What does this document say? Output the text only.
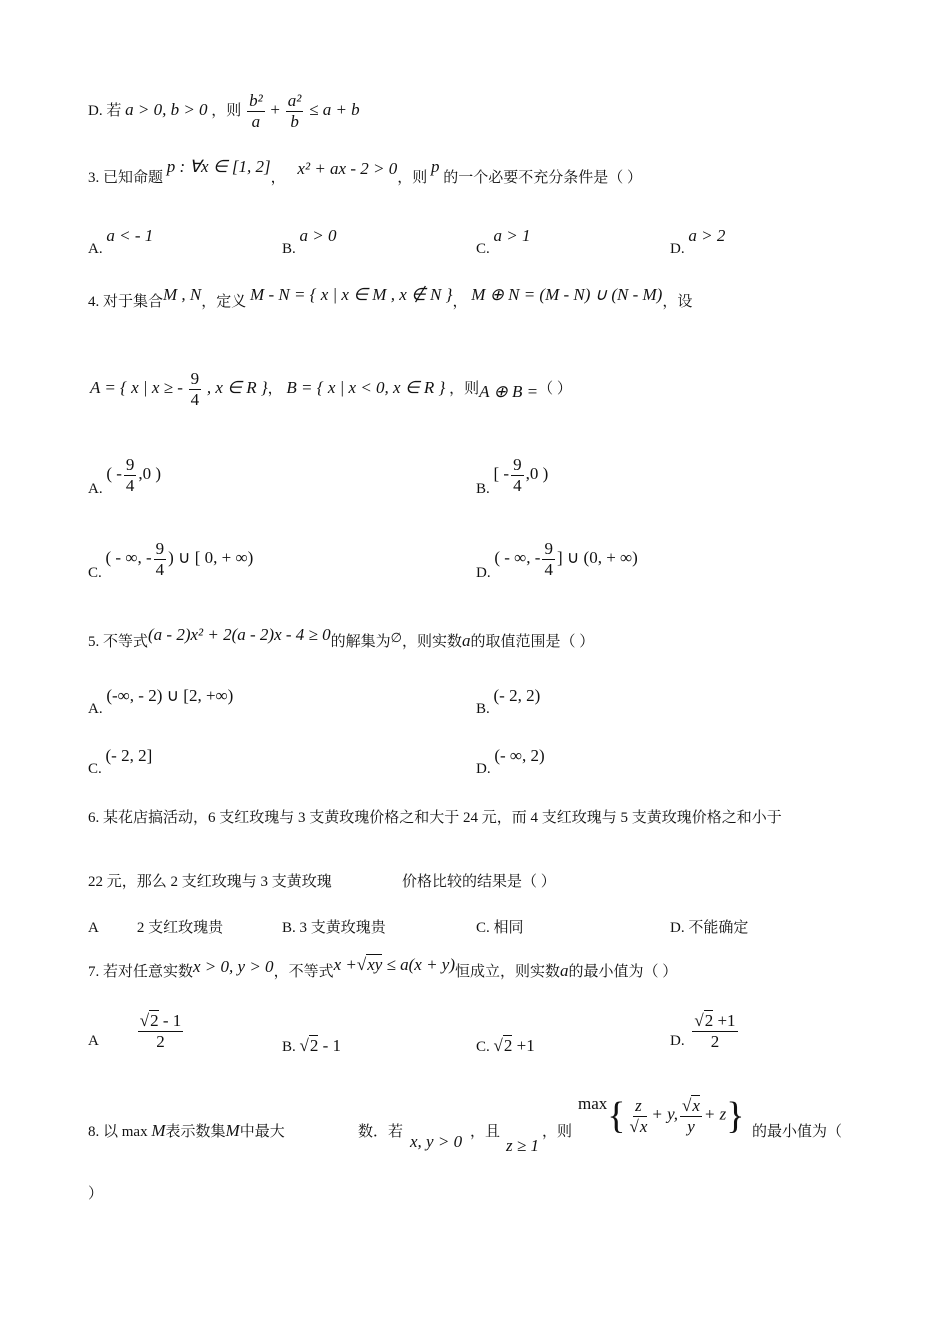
D. 若 a > 0, b > 0 ，则 $\frac{\text{b²}}{a} + \frac{\text{a²}}{b} \le a + b$
3. 已知命题 p : ∀x ∈ [1, 2]， x² + ax - 2 > 0，则 p 的一个必要不充分条件是（ ）
A. a < - 1
B. a > 0
C. a > 1
D. a > 2
4. 对于集合M , N，定义 M - N = { x | x ∈ M , x ∉ N }， M ⊕ N = (M - N) ∪ (N - M)，设
A = { x | x ≥ - $\frac{9}{4}$ , x ∈ R }， B = { x | x < 0, x ∈ R } ，则A ⊕ B =（ ）
A. ( - $\frac{9}{4} ,0$ )
B. [ - $\frac{9}{4} ,0$ )
C. ( - ∞, - $\frac{9}{4}$ ) ∪ [ 0, + ∞)
D. ( - ∞, - $\frac{9}{4}$ ] ∪ (0, + ∞)
5. 不等式(a - 2)x² + 2(a - 2)x - 4 ≥ 0的解集为∅，则实数a的取值范围是（ ）
A. (-∞, - 2) ∪ [2, +∞)
B. (- 2, 2)
C. (- 2, 2]
D. (- ∞, 2)
6. 某花店搞活动，6 支红玫瑰与 3 支黄玫瑰价格之和大于 24 元，而 4 支红玫瑰与 5 支黄玫瑰价格之和小于
22 元，那么 2 支红玫瑰与 3 支黄玫瑰	价格比较的结果是（ ）
A	2 支红玫瑰贵	B. 3 支黄玫瑰贵	C. 相同	D. 不能确定
7. 若对任意实数x > 0, y > 0，不等式x +√xy ≤ a(x + y)恒成立，则实数a的最小值为（ ）
A $\frac{√2 - 1}{2}$	B. √2 - 1	C. √2 +1	D. $\frac{√2 +1}{2}$
8. 以 max M表示数集M中最大	数．若 x, y > 0 ，且
z ≥ 1
，则
$\max\{ \frac{z}{√x} + y$, $\frac{√x}{y} + z$} 的最小值为（
）
